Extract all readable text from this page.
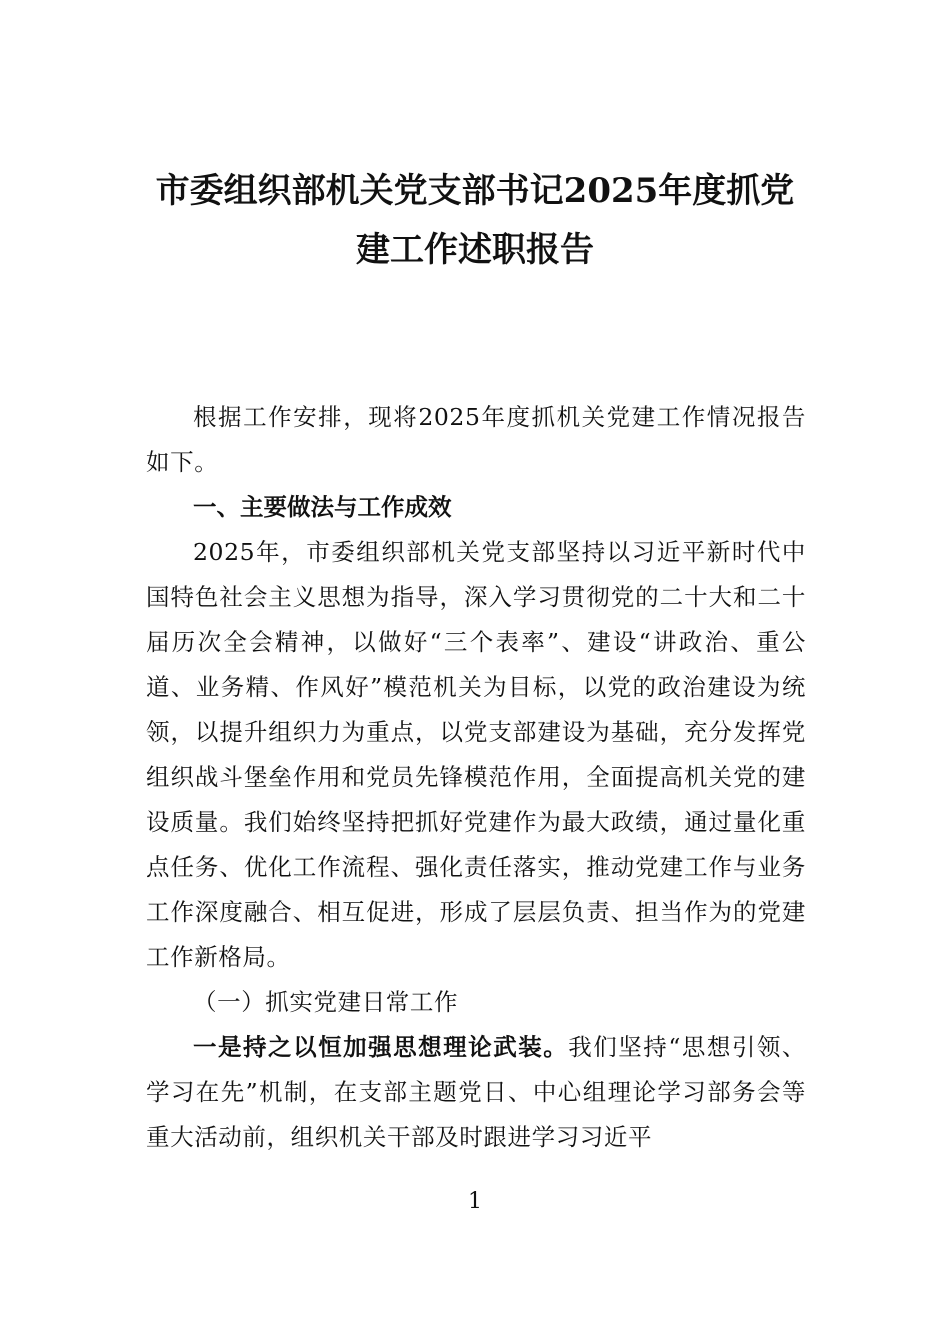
市委组织部机关党支部书记2025年度抓党
建工作述职报告

根据工作安排，现将2025年度抓机关党建工作情况报告如下。

一、主要做法与工作成效

2025年，市委组织部机关党支部坚持以习近平新时代中国特色社会主义思想为指导，深入学习贯彻党的二十大和二十届历次全会精神，以做好“三个表率”、建设“讲政治、重公道、业务精、作风好”模范机关为目标，以党的政治建设为统领，以提升组织力为重点，以党支部建设为基础，充分发挥党组织战斗堡垒作用和党员先锋模范作用，全面提高机关党的建设质量。我们始终坚持把抓好党建作为最大政绩，通过量化重点任务、优化工作流程、强化责任落实，推动党建工作与业务工作深度融合、相互促进，形成了层层负责、担当作为的党建工作新格局。

（一）抓实党建日常工作

一是持之以恒加强思想理论武装。我们坚持“思想引领、学习在先”机制，在支部主题党日、中心组理论学习部务会等重大活动前，组织机关干部及时跟进学习习近平

1
